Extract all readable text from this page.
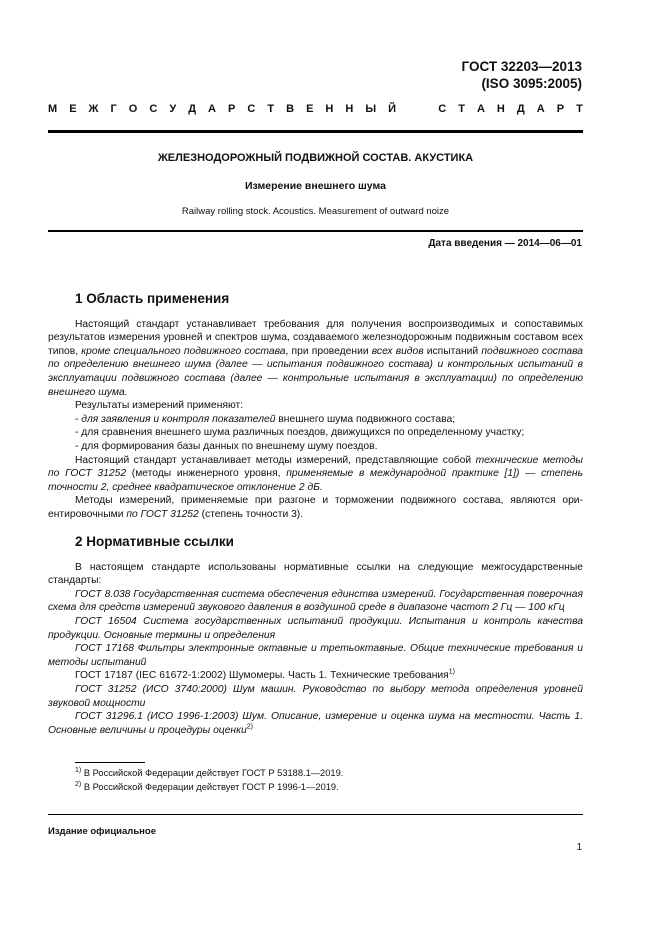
ГОСТ 32203—2013
(ISO 3095:2005)
М Е Ж Г О С У Д А Р С Т В Е Н Н Ы Й

	С Т А Н Д А Р Т
ЖЕЛЕЗНОДОРОЖНЫЙ ПОДВИЖНОЙ СОСТАВ. АКУСТИКА
Измерение внешнего шума
Railway rolling stock. Acoustics. Measurement of outward noize
Дата введения — 2014—06—01
1 Область применения

Настоящий стандарт устанавливает требования для получения воспроизводимых и сопоставимых результатов измерения уровней и спектров шума, создаваемого железнодорожным подвижным составом всех типов, кроме специального подвижного состава, при проведении всех видов испытаний подвижного состава по определению внешнего шума (далее — испытания подвижного состава) и контрольных испытаний в эксплуатации подвижного состава (далее — контрольные испытания в эксплуатации) по определению внешнего шума.

Результаты измерений применяют:

- для заявления и контроля показателей внешнего шума подвижного состава;

- для сравнения внешнего шума различных поездов, движущихся по определенному участку;

- для формирования базы данных по внешнему шуму поездов.

Настоящий стандарт устанавливает методы измерений, представляющие собой технические методы по ГОСТ 31252 (методы инженерного уровня, применяемые в международной практике [1]) — степень точности 2, среднее квадратическое отклонение 2 дБ.

Методы измерений, применяемые при разгоне и торможении подвижного состава, являются ориентировочными по ГОСТ 31252 (степень точности 3).

2 Нормативные ссылки

В настоящем стандарте использованы нормативные ссылки на следующие межгосударственные стандарты:

ГОСТ 8.038 Государственная система обеспечения единства измерений. Государственная поверочная схема для средств измерений звукового давления в воздушной среде в диапазоне частот 2 Гц — 100 кГц

ГОСТ 16504 Система государственных испытаний продукции. Испытания и контроль качества продукции. Основные термины и определения

ГОСТ 17168 Фильтры электронные октавные и третьоктавные. Общие технические требования и методы испытаний

ГОСТ 17187 (IEC 61672-1:2002) Шумомеры. Часть 1. Технические требования$^{1)}$

ГОСТ 31252 (ИСО 3740:2000) Шум машин. Руководство по выбору метода определения уровней звуковой мощности

ГОСТ 31296.1 (ИСО 1996-1:2003) Шум. Описание, измерение и оценка шума на местности. Часть 1. Основные величины и процедуры оценки$^{2)}$

$^{1)}$ В Российской Федерации действует ГОСТ Р 53188.1—2019.
$^{2)}$ В Российской Федерации действует ГОСТ Р 1996-1—2019.
Издание официальное
1
